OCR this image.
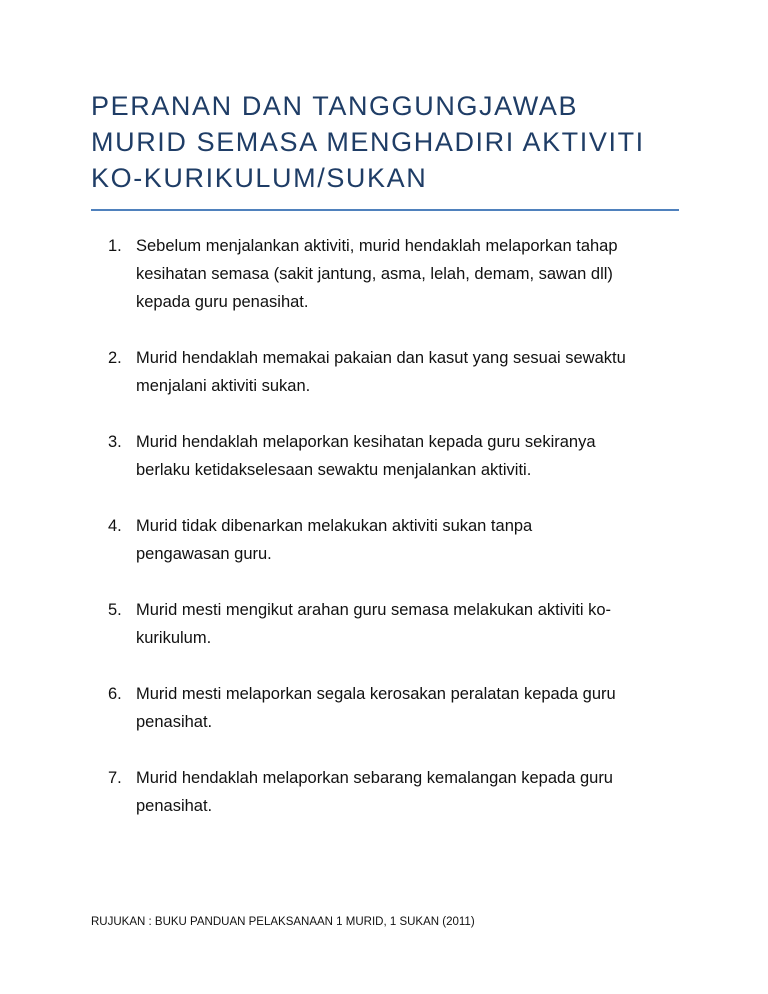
PERANAN DAN TANGGUNGJAWAB
MURID SEMASA MENGHADIRI AKTIVITI
KO-KURIKULUM/SUKAN
1. Sebelum menjalankan aktiviti, murid hendaklah melaporkan tahap
kesihatan semasa (sakit jantung, asma, lelah, demam, sawan dll)
kepada guru penasihat.
2. Murid hendaklah memakai pakaian dan kasut yang sesuai sewaktu
menjalani aktiviti sukan.
3. Murid hendaklah melaporkan kesihatan kepada guru sekiranya
berlaku ketidakselesaan sewaktu menjalankan aktiviti.
4. Murid tidak dibenarkan melakukan aktiviti sukan tanpa
pengawasan guru.
5. Murid mesti mengikut arahan guru semasa melakukan aktiviti ko-
kurikulum.
6. Murid mesti melaporkan segala kerosakan peralatan kepada guru
penasihat.
7. Murid hendaklah melaporkan sebarang kemalangan kepada guru
penasihat.
RUJUKAN : BUKU PANDUAN PELAKSANAAN 1 MURID, 1 SUKAN (2011)
